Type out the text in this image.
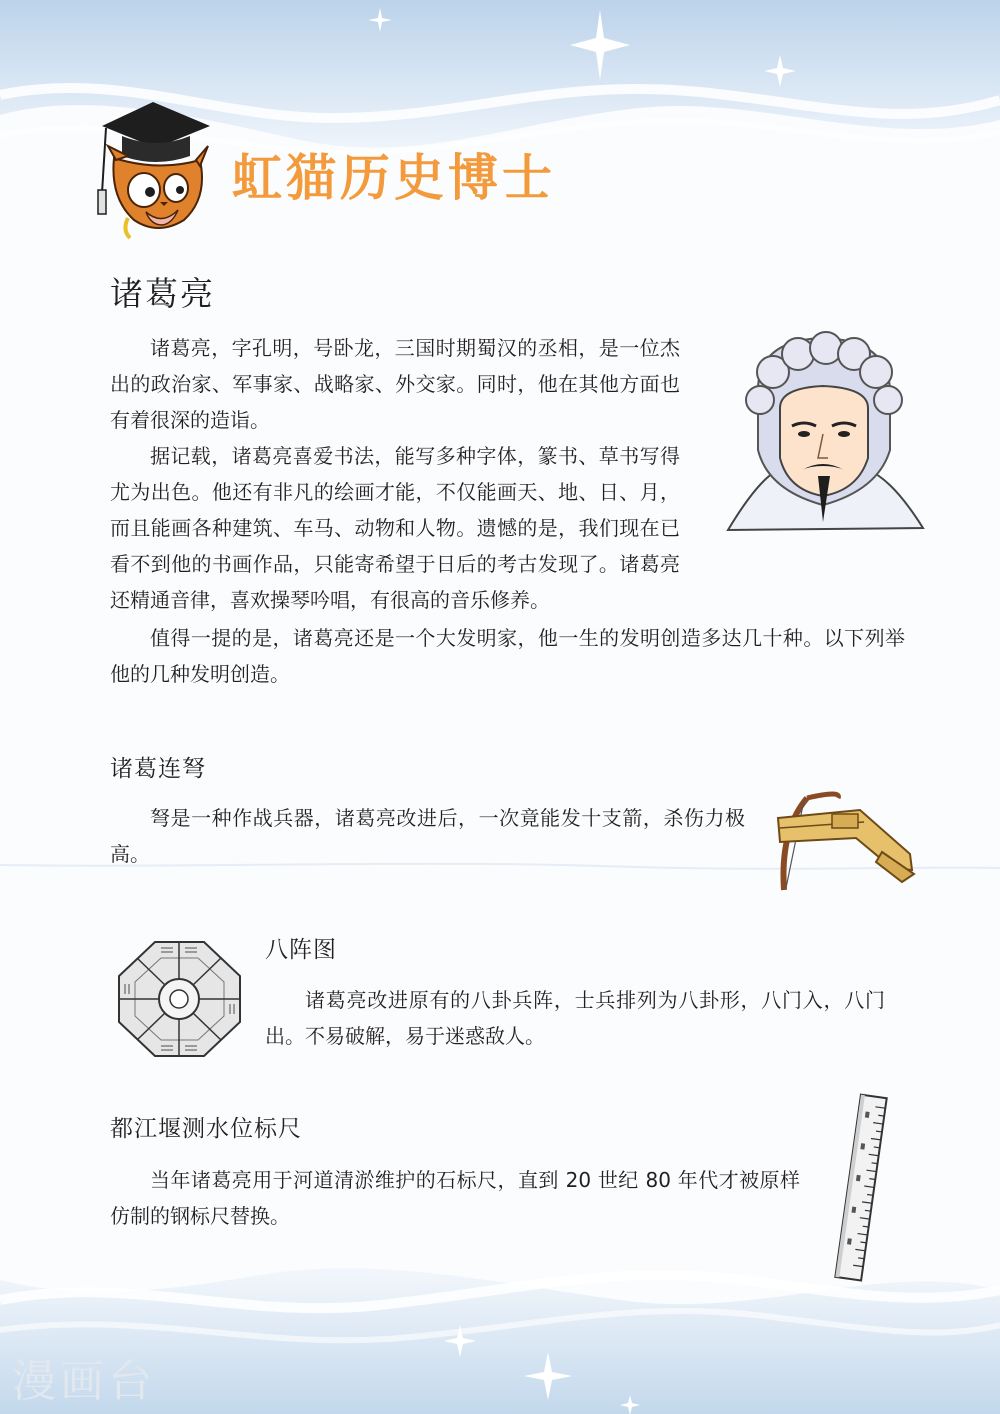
虹猫历史博士
诸葛亮

诸葛亮，字孔明，号卧龙，三国时期蜀汉的丞相，是一位杰出的政治家、军事家、战略家、外交家。同时，他在其他方面也有着很深的造诣。

据记载，诸葛亮喜爱书法，能写多种字体，篆书、草书写得尤为出色。他还有非凡的绘画才能，不仅能画天、地、日、月，而且能画各种建筑、车马、动物和人物。遗憾的是，我们现在已看不到他的书画作品，只能寄希望于日后的考古发现了。诸葛亮还精通音律，喜欢操琴吟唱，有很高的音乐修养。

值得一提的是，诸葛亮还是一个大发明家，他一生的发明创造多达几十种。以下列举他的几种发明创造。

诸葛连弩

弩是一种作战兵器，诸葛亮改进后，一次竟能发十支箭，杀伤力极高。

八阵图

诸葛亮改进原有的八卦兵阵，士兵排列为八卦形，八门入，八门出。不易破解，易于迷惑敌人。

都江堰测水位标尺

当年诸葛亮用于河道清淤维护的石标尺，直到 20 世纪 80 年代才被原样仿制的钢标尺替换。

漫画台
